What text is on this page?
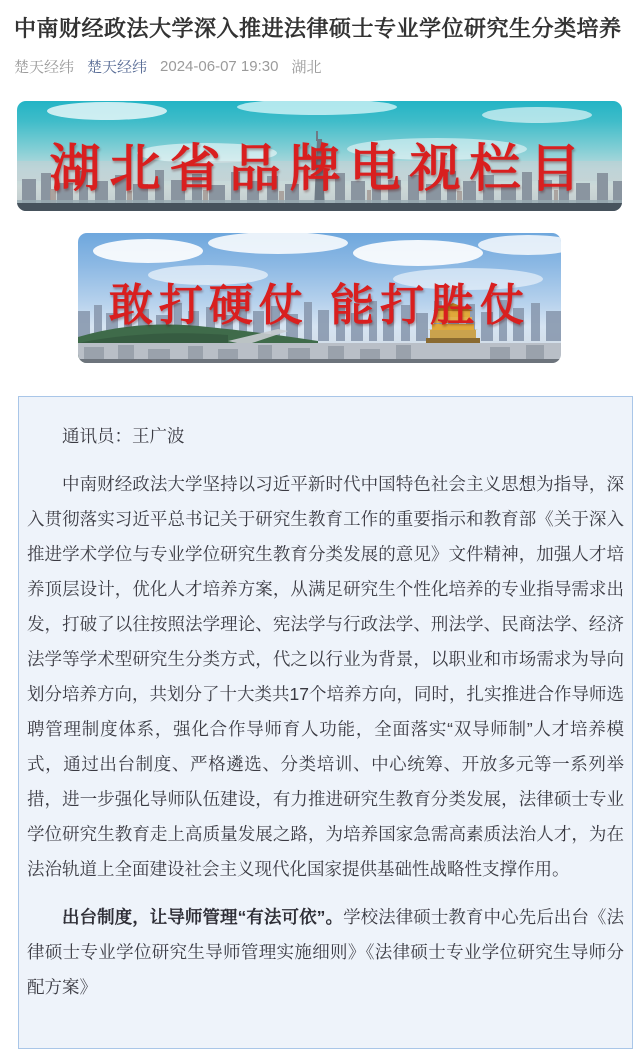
中南财经政法大学深入推进法律硕士专业学位研究生分类培养
楚天经纬 楚天经纬 2024-06-07 19:30 湖北
湖北省品牌电视栏目
敢打硬仗 能打胜仗

通讯员：王广波

中南财经政法大学坚持以习近平新时代中国特色社会主义思想为指导，深入贯彻落实习近平总书记关于研究生教育工作的重要指示和教育部《关于深入推进学术学位与专业学位研究生教育分类发展的意见》文件精神，加强人才培养顶层设计，优化人才培养方案，从满足研究生个性化培养的专业指导需求出发，打破了以往按照法学理论、宪法学与行政法学、刑法学、民商法学、经济法学等学术型研究生分类方式，代之以行业为背景，以职业和市场需求为导向划分培养方向，共划分了十大类共17个培养方向，同时，扎实推进合作导师选聘管理制度体系，强化合作导师育人功能，全面落实“双导师制”人才培养模式，通过出台制度、严格遴选、分类培训、中心统筹、开放多元等一系列举措，进一步强化导师队伍建设，有力推进研究生教育分类发展，法律硕士专业学位研究生教育走上高质量发展之路，为培养国家急需高素质法治人才，为在法治轨道上全面建设社会主义现代化国家提供基础性战略性支撑作用。

出台制度，让导师管理“有法可依”。学校法律硕士教育中心先后出台《法律硕士专业学位研究生导师管理实施细则》《法律硕士专业学位研究生导师分配方案》
